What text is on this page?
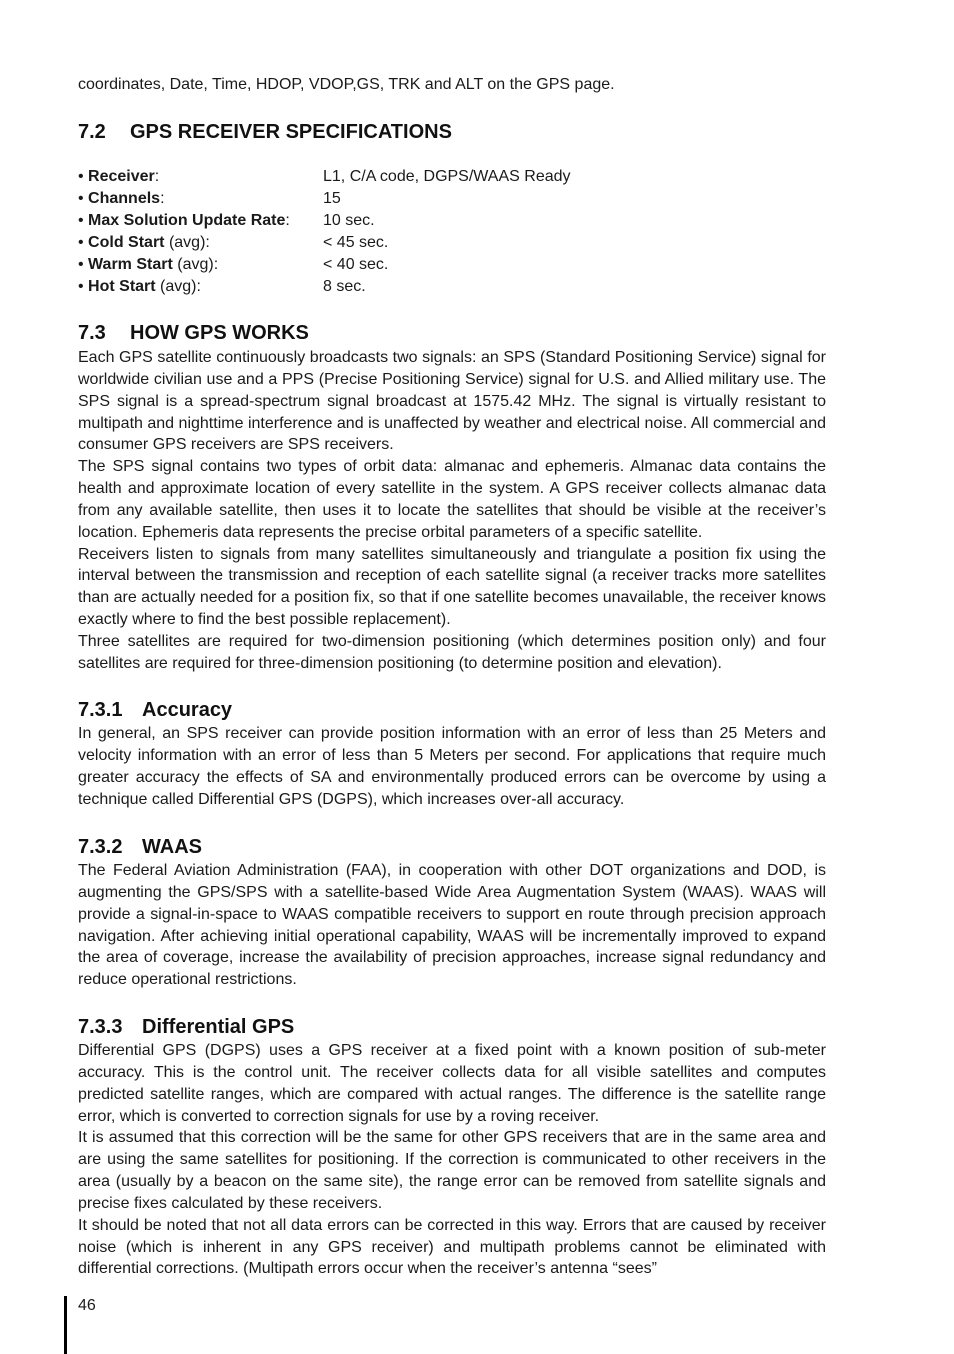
coordinates, Date, Time, HDOP, VDOP,GS, TRK and ALT on the GPS page.
7.2 GPS RECEIVER SPECIFICATIONS
• Receiver:	L1, C/A code, DGPS/WAAS Ready
• Channels:	15
• Max Solution Update Rate: 10 sec.
• Cold Start (avg):	< 45 sec.
• Warm Start (avg):	< 40 sec.
• Hot Start (avg):	8 sec.
7.3 HOW GPS WORKS
Each GPS satellite continuously broadcasts two signals: an SPS (Standard Positioning Service) signal for worldwide civilian use and a PPS (Precise Positioning Service) signal for U.S. and Allied military use. The SPS signal is a spread-spectrum signal broadcast at 1575.42 MHz. The signal is virtually resistant to multipath and nighttime interference and is unaffected by weather and electrical noise. All commercial and consumer GPS receivers are SPS receivers.
The SPS signal contains two types of orbit data: almanac and ephemeris. Almanac data contains the health and approximate location of every satellite in the system. A GPS receiver collects almanac data from any available satellite, then uses it to locate the satellites that should be visible at the receiver’s location. Ephemeris data represents the precise orbital parameters of a specific satellite.
Receivers listen to signals from many satellites simultaneously and triangulate a position fix using the interval between the transmission and reception of each satellite signal (a receiver tracks more satellites than are actually needed for a position fix, so that if one satellite becomes unavailable, the receiver knows exactly where to find the best possible replacement).
Three satellites are required for two-dimension positioning (which determines position only) and four satellites are required for three-dimension positioning (to determine position and elevation).
7.3.1 Accuracy
In general, an SPS receiver can provide position information with an error of less than 25 Meters and velocity information with an error of less than 5 Meters per second. For applications that require much greater accuracy the effects of SA and environmentally produced errors can be overcome by using a technique called Differential GPS (DGPS), which increases over-all accuracy.
7.3.2 WAAS
The Federal Aviation Administration (FAA), in cooperation with other DOT organizations and DOD, is augmenting the GPS/SPS with a satellite-based Wide Area Augmentation System (WAAS). WAAS will provide a signal-in-space to WAAS compatible receivers to support en route through precision approach navigation. After achieving initial operational capability, WAAS will be incrementally improved to expand the area of coverage, increase the availability of precision approaches, increase signal redundancy and reduce operational restrictions.
7.3.3 Differential GPS
Differential GPS (DGPS) uses a GPS receiver at a fixed point with a known position of sub-meter accuracy. This is the control unit. The receiver collects data for all visible satellites and computes predicted satellite ranges, which are compared with actual ranges. The difference is the satellite range error, which is converted to correction signals for use by a roving receiver.
It is assumed that this correction will be the same for other GPS receivers that are in the same area and are using the same satellites for positioning. If the correction is communicated to other receivers in the area (usually by a beacon on the same site), the range error can be removed from satellite signals and precise fixes calculated by these receivers.
It should be noted that not all data errors can be corrected in this way. Errors that are caused by receiver noise (which is inherent in any GPS receiver) and multipath problems cannot be eliminated with differential corrections. (Multipath errors occur when the receiver’s antenna “sees”
46
